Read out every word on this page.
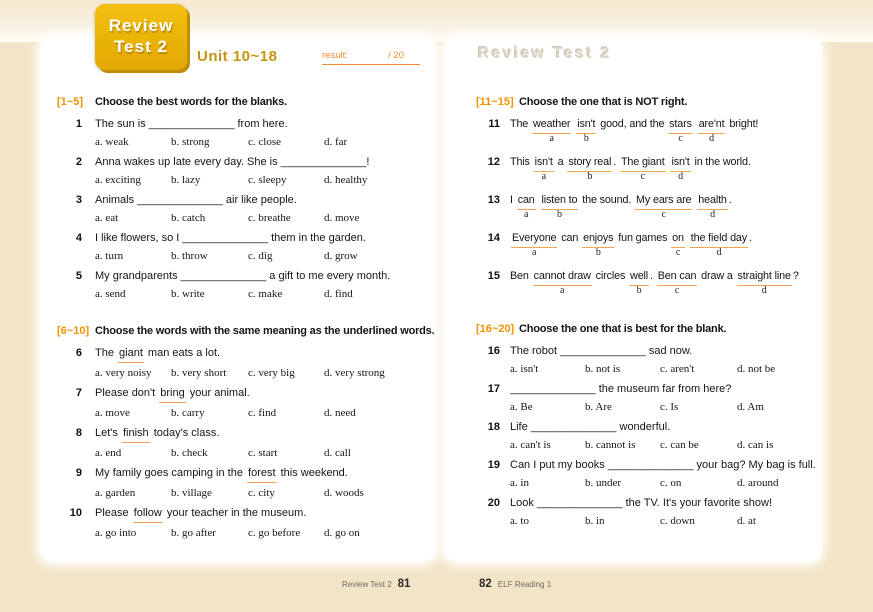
[1~5]	Choose the best words for the blanks.
1	The sun is ______________ from here.
a. weak	b. strong	c. close	d. far
2	Anna wakes up late every day. She is ______________!
a. exciting	b. lazy	c. sleepy	d. healthy
3	Animals ______________ air like people.
a. eat	b. catch	c. breathe	d. move
4	I like flowers, so I ______________ them in the garden.
a. turn	b. throw	c. dig	d. grow
5	My grandparents ______________ a gift to me every month.
a. send	b. write	c. make	d. find
[6~10] Choose the words with the same meaning as the underlined words.
6	The giant man eats a lot.
a. very noisy	b. very short	c. very big	d. very strong
7	Please don't bring your animal.
a. move	b. carry	c. find	d. need
8	Let's finish today's class.
a. end	b. check	c. start	d. call
9	My family goes camping in the forest this weekend.
a. garden	b. village	c. city	d. woods
10	Please follow your teacher in the museum.
a. go into	b. go after	c. go before	d. go on
[11~15] Choose the one that is NOT right.
11 The weather
a
isn't
b
good, and the stars
c
are'nt
d
bright!
12 This isn't
a
a story real
b
. The giant
c
isn't
d
in the world.
13 I can
a
listen to
b
the sound. My ears are
c
health
d
.
14	Everyone
a
can enjoys
b
fun games on
c
the field day
d
.
15 Ben cannot draw
a
circles well
b
. Ben can
c
draw a straight line
d
?
[16~20] Choose the one that is best for the blank.
16 The robot ______________ sad now.
a. isn't	b. not is	c. aren't	d. not be
17 ______________ the museum far from here?
a. Be	b. Are	c. Is	d. Am
18 Life ______________ wonderful.
a. can't is	b. cannot is	c. can be	d. can is
19 Can I put my books ______________ your bag? My bag is full.
a. in	b. under	c. on	d. around
20 Look ______________ the TV. It's your favorite show!
a. to	b. in	c. down	d. at
Review
Test 2
Unit 10~18	result:	/ 20	Review Test 2
Review Test 2 81	82 ELF Reading 1
